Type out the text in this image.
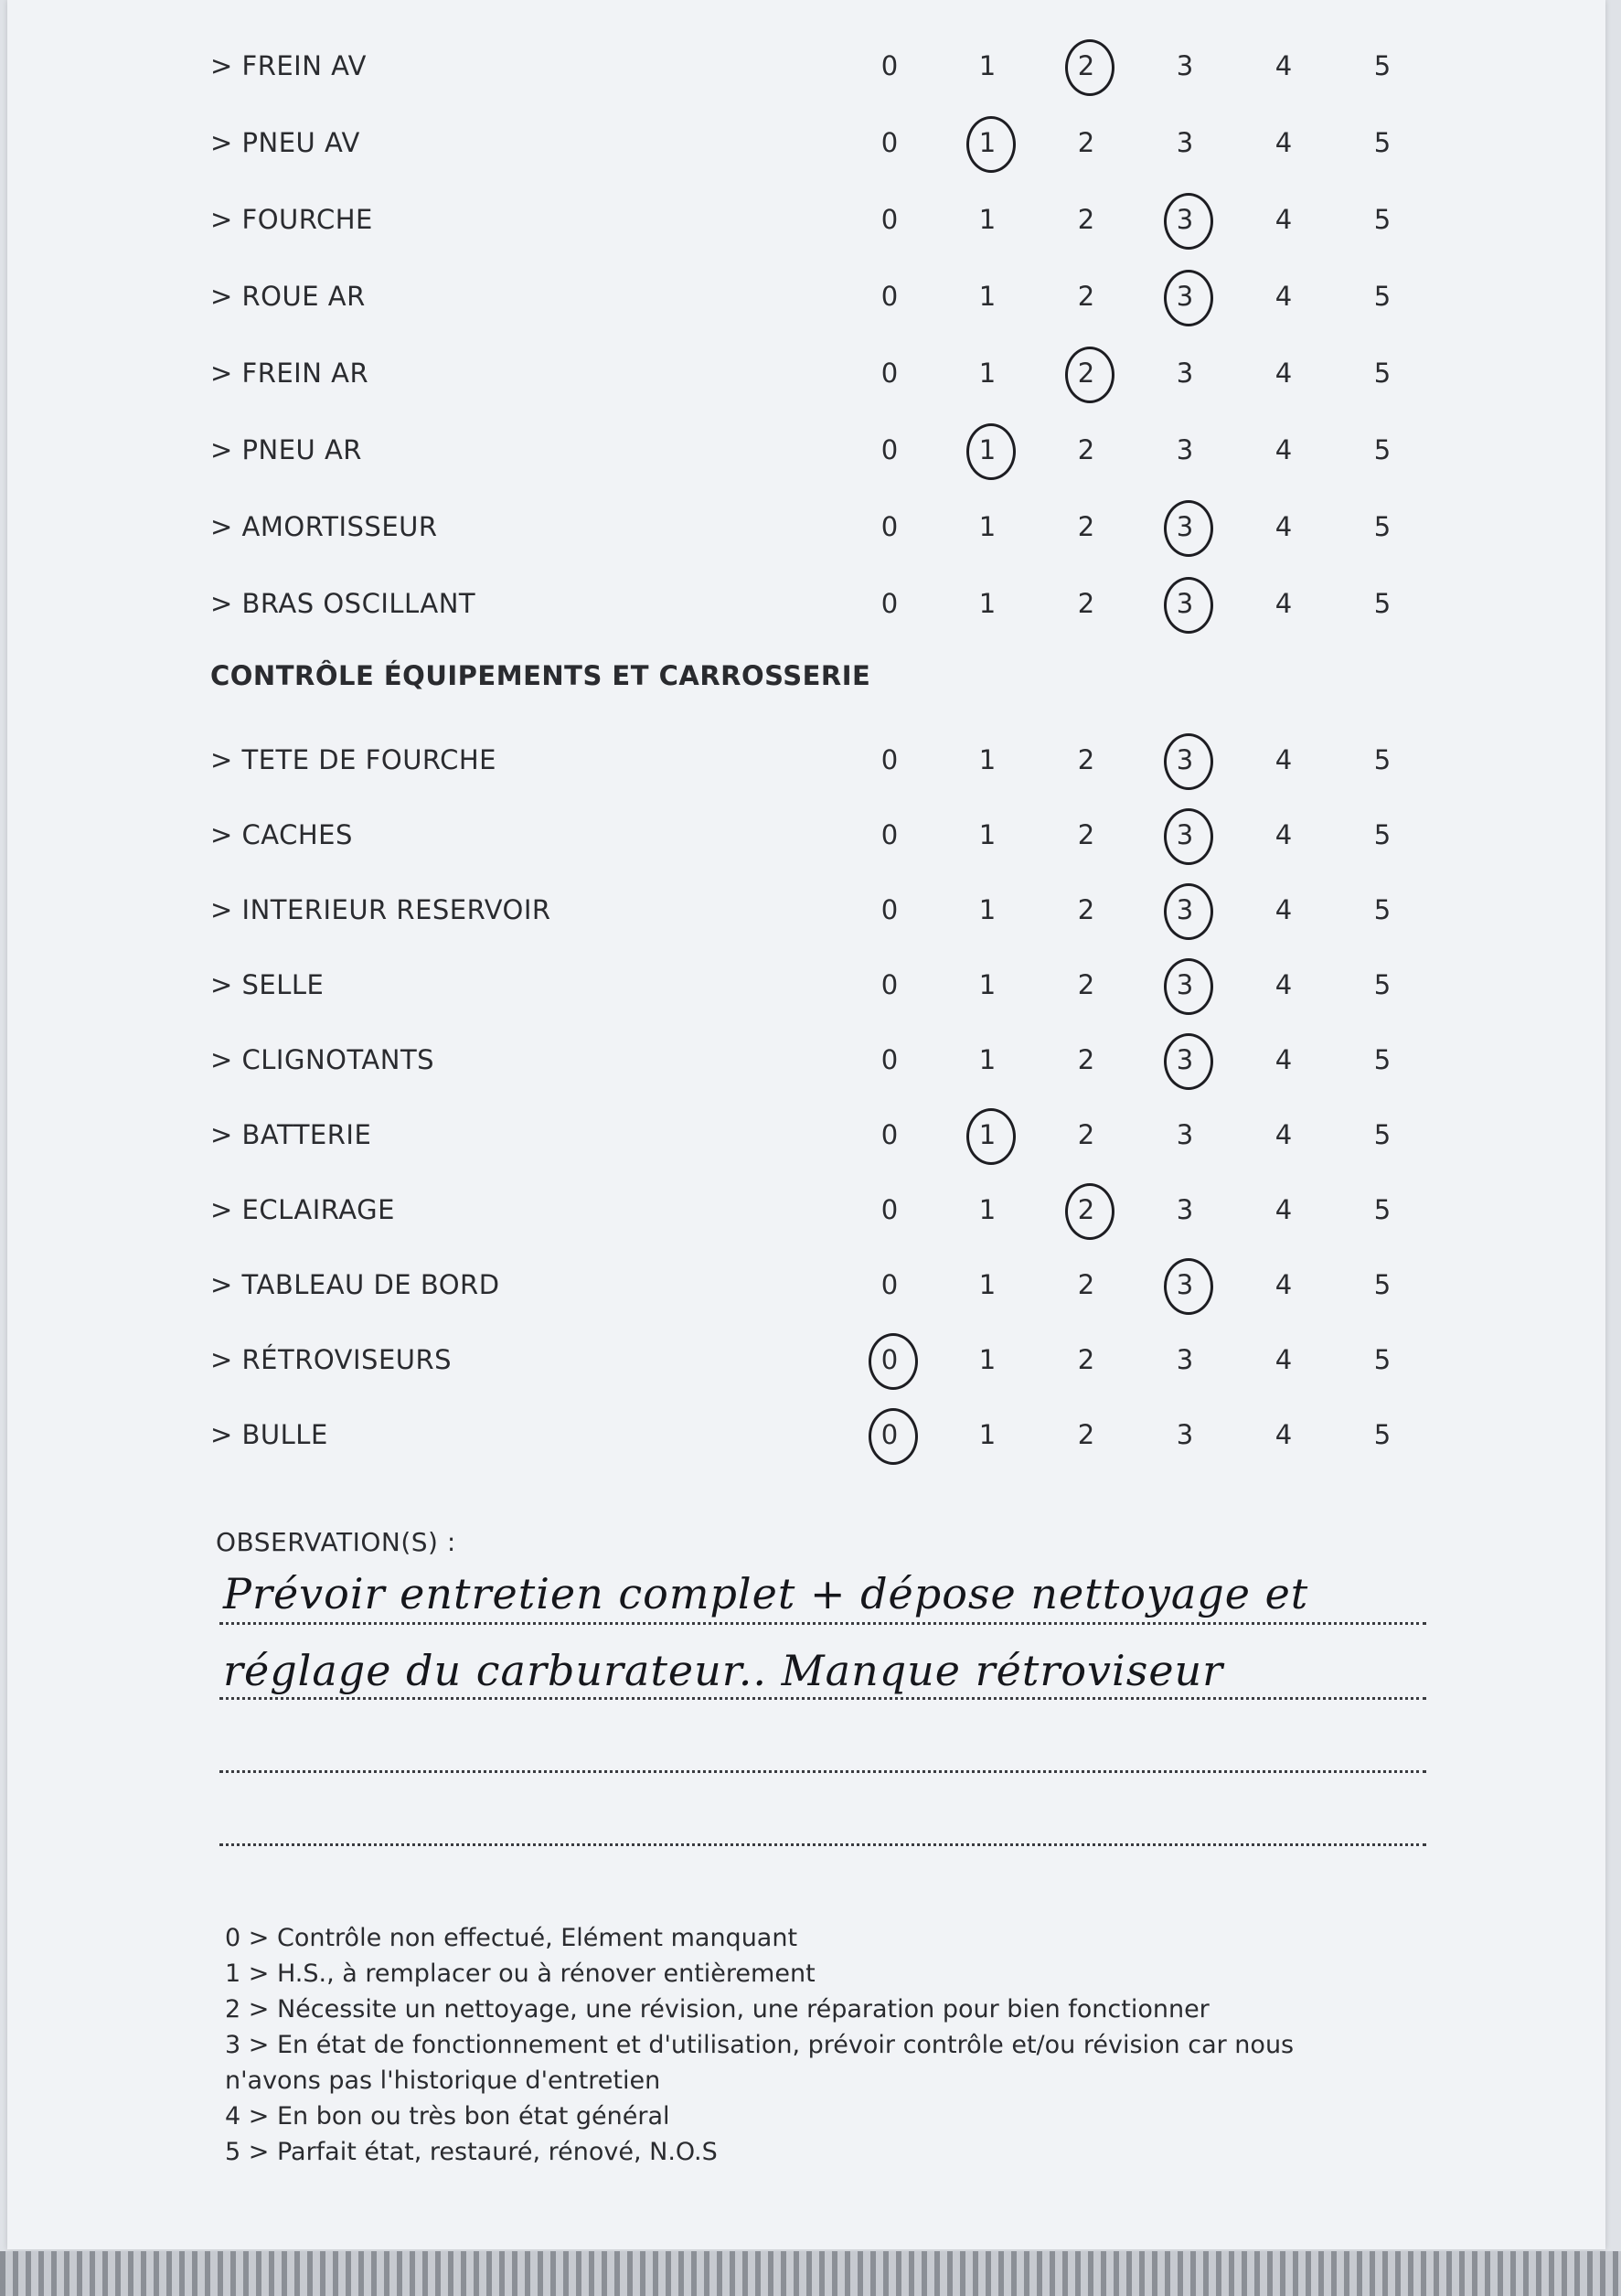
> FREIN AV	0	1	2	3	4	5
> PNEU AV	0	1	2	3	4	5
> FOURCHE	0	1	2	3	4	5
> ROUE AR	0	1	2	3	4	5
> FREIN AR	0	1	2	3	4	5
> PNEU AR	0	1	2	3	4	5
> AMORTISSEUR	0	1	2	3	4	5
> BRAS OSCILLANT	0	1	2	3	4	5
CONTRÔLE ÉQUIPEMENTS ET CARROSSERIE
> TETE DE FOURCHE	0	1	2	3	4	5
> CACHES	0	1	2	3	4	5
> INTERIEUR RESERVOIR	0	1	2	3	4	5
> SELLE	0	1	2	3	4	5
> CLIGNOTANTS	0	1	2	3	4	5
> BATTERIE	0	1	2	3	4	5
> ECLAIRAGE	0	1	2	3	4	5
> TABLEAU DE BORD	0	1	2	3	4	5
> RÉTROVISEURS	0	1	2	3	4	5
> BULLE	0	1	2	3	4	5
OBSERVATION(S) :
Prévoir entretien complet + dépose nettoyage et
réglage du carburateur.. Manque rétroviseur
0 > Contrôle non effectué, Elément manquant
1 > H.S., à remplacer ou à rénover entièrement
2 > Nécessite un nettoyage, une révision, une réparation pour bien fonctionner
3 > En état de fonctionnement et d'utilisation, prévoir contrôle et/ou révision car nous
n'avons pas l'historique d'entretien
4 > En bon ou très bon état général
5 > Parfait état, restauré, rénové, N.O.S
